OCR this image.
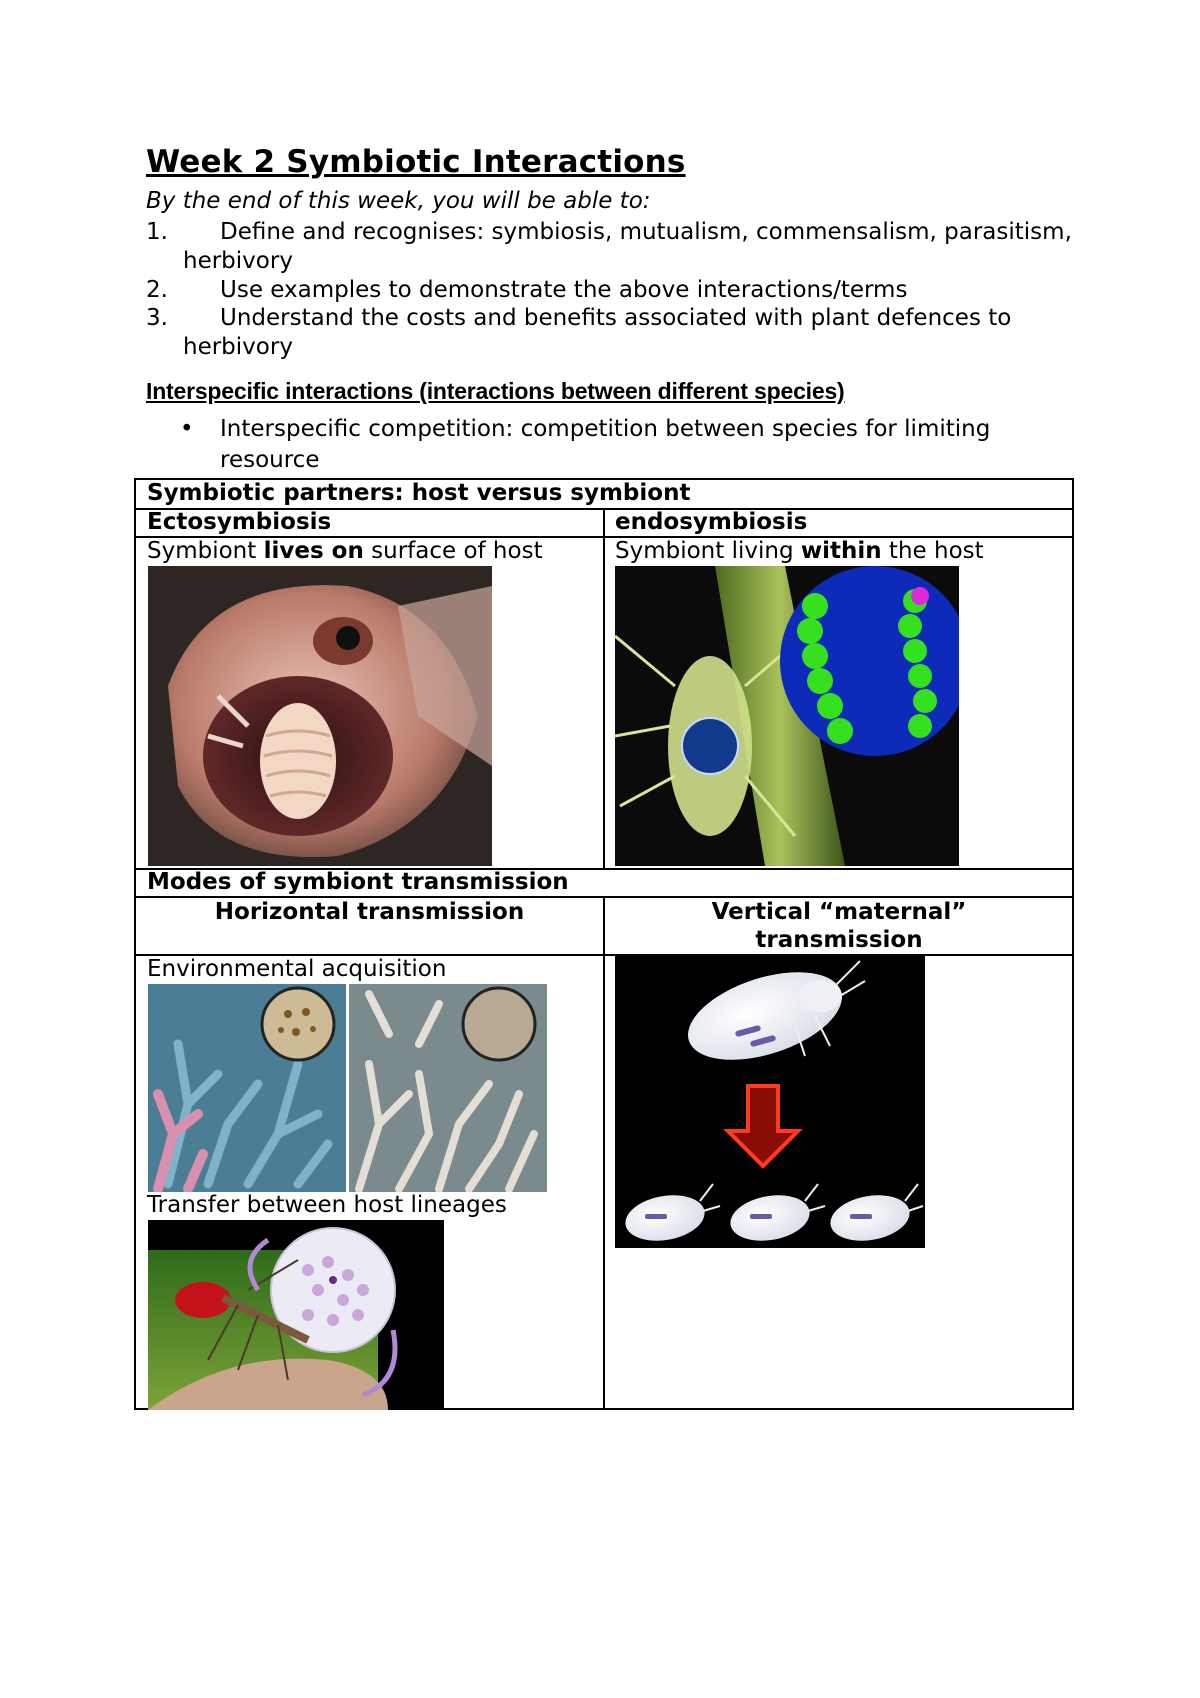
Week 2 Symbiotic Interactions
By the end of this week, you will be able to:
1.	Define and recognises: symbiosis, mutualism, commensalism, parasitism, herbivory
2.	Use examples to demonstrate the above interactions/terms
3.	Understand the costs and benefits associated with plant defences to herbivory
Interspecific interactions (interactions between different species)
• Interspecific competition: competition between species for limiting resource
Symbiotic partners: host versus symbiont
Ectosymbiosis	endosymbiosis
Symbiont lives on surface of host	Symbiont living within the host
Modes of symbiont transmission
Horizontal transmission	Vertical “maternal” transmission
Environmental acquisition
Transfer between host lineages
